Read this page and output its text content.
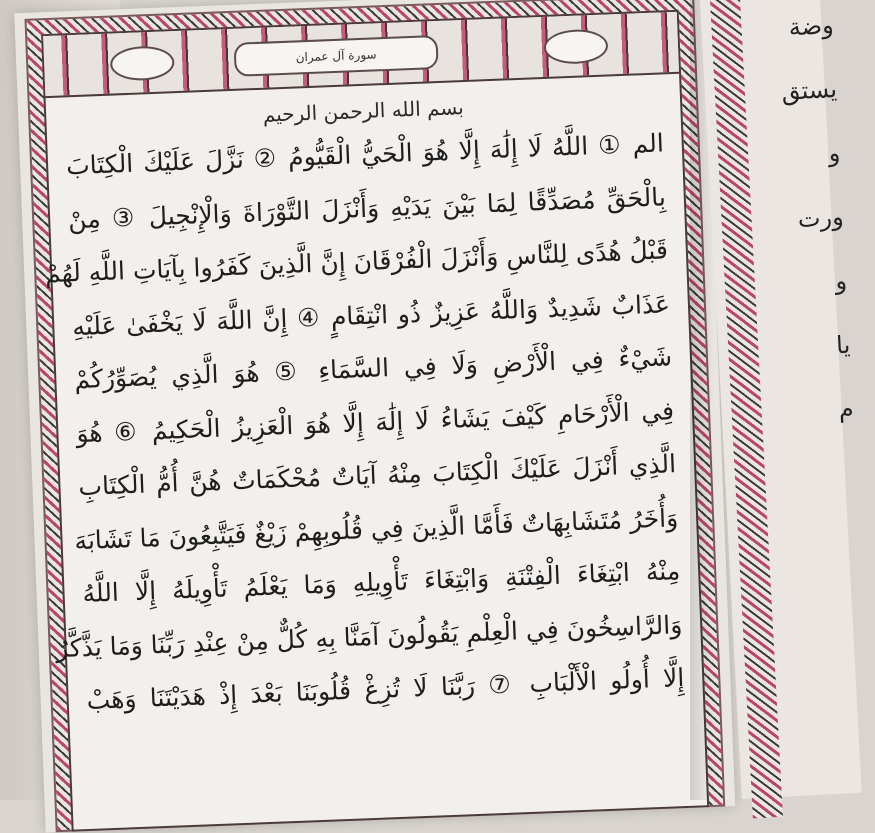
سورة آل عمران
بسم الله الرحمن الرحيم
الم ① اللَّهُ لَا إِلَٰهَ إِلَّا هُوَ الْحَيُّ الْقَيُّومُ ② نَزَّلَ عَلَيْكَ الْكِتَابَ
بِالْحَقِّ مُصَدِّقًا لِمَا بَيْنَ يَدَيْهِ وَأَنْزَلَ التَّوْرَاةَ وَالْإِنْجِيلَ ③ مِنْ
قَبْلُ هُدًى لِلنَّاسِ وَأَنْزَلَ الْفُرْقَانَ إِنَّ الَّذِينَ كَفَرُوا بِآيَاتِ اللَّهِ لَهُمْ
عَذَابٌ شَدِيدٌ وَاللَّهُ عَزِيزٌ ذُو انْتِقَامٍ ④ إِنَّ اللَّهَ لَا يَخْفَىٰ عَلَيْهِ
شَيْءٌ فِي الْأَرْضِ وَلَا فِي السَّمَاءِ ⑤ هُوَ الَّذِي يُصَوِّرُكُمْ
فِي الْأَرْحَامِ كَيْفَ يَشَاءُ لَا إِلَٰهَ إِلَّا هُوَ الْعَزِيزُ الْحَكِيمُ ⑥ هُوَ
الَّذِي أَنْزَلَ عَلَيْكَ الْكِتَابَ مِنْهُ آيَاتٌ مُحْكَمَاتٌ هُنَّ أُمُّ الْكِتَابِ
وَأُخَرُ مُتَشَابِهَاتٌ فَأَمَّا الَّذِينَ فِي قُلُوبِهِمْ زَيْغٌ فَيَتَّبِعُونَ مَا تَشَابَهَ
مِنْهُ ابْتِغَاءَ الْفِتْنَةِ وَابْتِغَاءَ تَأْوِيلِهِ وَمَا يَعْلَمُ تَأْوِيلَهُ إِلَّا اللَّهُ
وَالرَّاسِخُونَ فِي الْعِلْمِ يَقُولُونَ آمَنَّا بِهِ كُلٌّ مِنْ عِنْدِ رَبِّنَا وَمَا يَذَّكَّرُ
إِلَّا أُولُو الْأَلْبَابِ ⑦ رَبَّنَا لَا تُزِغْ قُلُوبَنَا بَعْدَ إِذْ هَدَيْتَنَا وَهَبْ
وضة
يستق
و
ورت
و
يا
م
